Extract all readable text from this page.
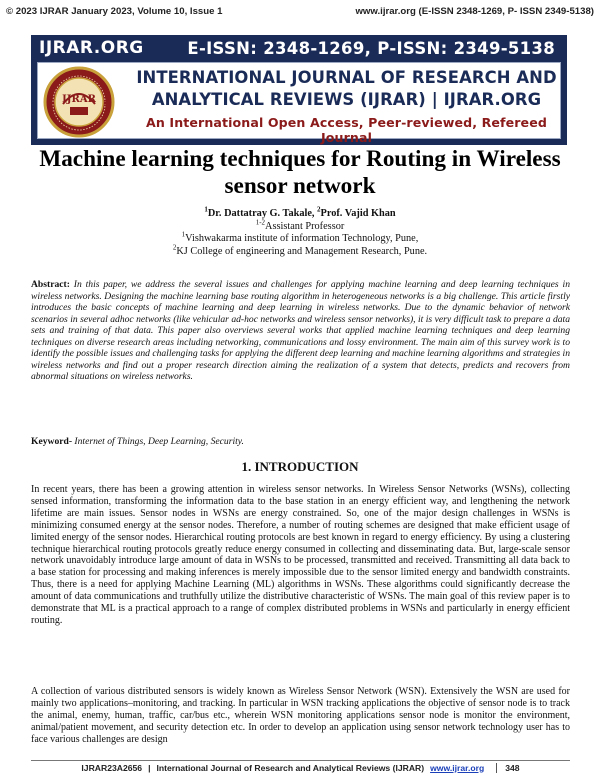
© 2023 IJRAR January 2023, Volume 10, Issue 1	www.ijrar.org (E-ISSN 2348-1269, P- ISSN 2349-5138)
IJRAR.ORG	E-ISSN: 2348-1269, P-ISSN: 2349-5138
IJRAR
INTERNATIONAL JOURNAL OF RESEARCH AND
ANALYTICAL REVIEWS (IJRAR) | IJRAR.ORG
An International Open Access, Peer-reviewed, Refereed Journal
Machine learning techniques for Routing in Wireless sensor network
$^1$Dr. Dattatray G. Takale, $^2$Prof. Vajid Khan
$^{1-2}$Assistant Professor
$^1$Vishwakarma institute of information Technology, Pune,
$^2$KJ College of engineering and Management Research, Pune.

Abstract: In this paper, we address the several issues and challenges for applying machine learning and deep learning techniques in wireless networks. Designing the machine learning base routing algorithm in heterogeneous networks is a big challenge. This article firstly introduces the basic concepts of machine learning and deep learning in wireless networks. Due to the dynamic behavior of network scenarios in several adhoc networks (like vehicular ad-hoc networks and wireless sensor networks), it is very difficult task to prepare a data sets and training of that data. This paper also overviews several works that applied machine learning techniques and deep learning techniques on diverse research areas including networking, communications and lossy environment. The main aim of this survey work is to identify the possible issues and challenging tasks for applying the different deep learning and machine learning algorithms and strategies in wireless networks and find out a proper research direction aiming the realization of a system that detects, predicts and recovers from abnormal situations on wireless networks.

Keyword- Internet of Things, Deep Learning, Security.

1. INTRODUCTION

In recent years, there has been a growing attention in wireless sensor networks. In Wireless Sensor Networks (WSNs), collecting sensed information, transforming the information data to the base station in an energy efficient way, and lengthening the network lifetime are main issues. Sensor nodes in WSNs are energy constrained. So, one of the major design challenges in WSNs is minimizing consumed energy at the sensor nodes. Therefore, a number of routing schemes are designed that make efficient usage of limited energy of the sensor nodes. Hierarchical routing protocols are best known in regard to energy efficiency. By using a clustering technique hierarchical routing protocols greatly reduce energy consumed in collecting and disseminating data. But, large-scale sensor network unavoidably introduce large amount of data in WSNs to be processed, transmitted and received. Transmitting all data back to a base station for processing and making inferences is merely impossible due to the sensor limited energy and bandwidth constraints. Thus, there is a need for applying Machine Learning (ML) algorithms in WSNs. These algorithms could significantly decrease the amount of data communications and truthfully utilize the distributive characteristic of WSNs. The main goal of this review paper is to demonstrate that ML is a practical approach to a range of complex distributed problems in WSNs and particularly in energy efficient routing.

A collection of various distributed sensors is widely known as Wireless Sensor Network (WSN). Extensively the WSN are used for mainly two applications–monitoring, and tracking. In particular in WSN tracking applications the objective of sensor node is to track the animal, enemy, human, traffic, car/bus etc., wherein WSN monitoring applications sensor node is monitor the environment, animal/patient movement, and security detection etc. In order to develop an application using sensor network technology user has to face various challenges are design

IJRAR23A2656 | International Journal of Research and Analytical Reviews (IJRAR) www.ijrar.org	348
